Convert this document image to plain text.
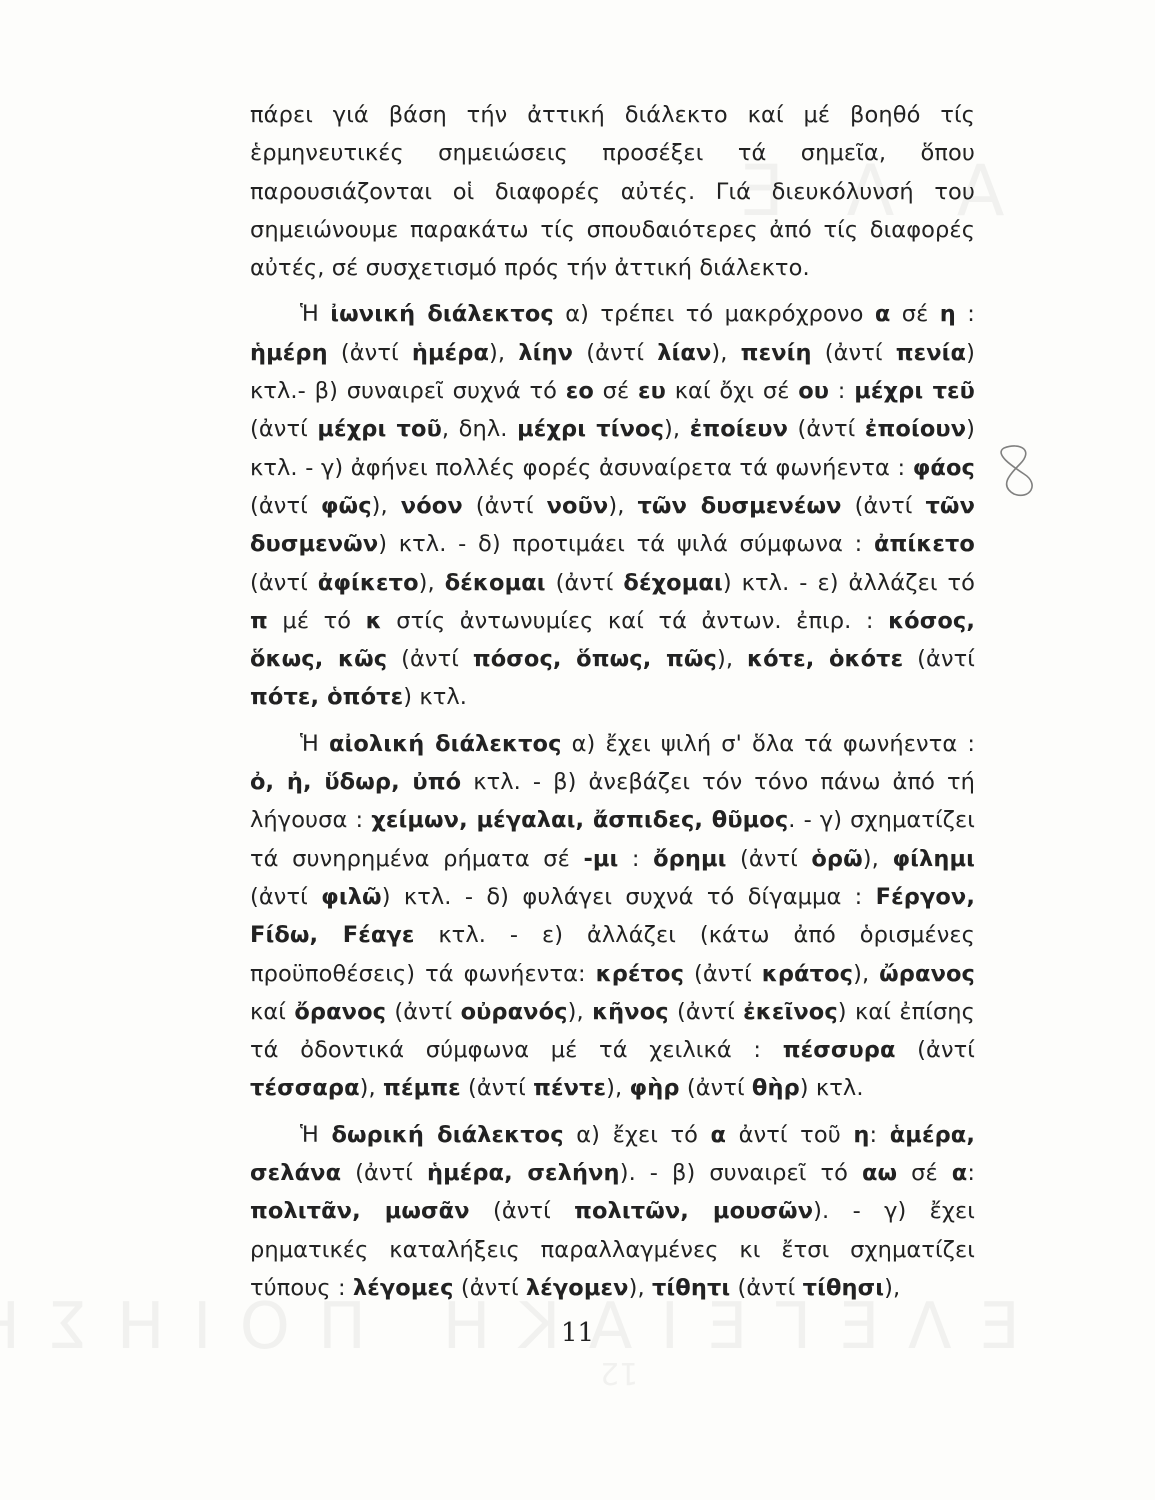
πάρει γιά βάση τήν ἀττική διάλεκτο καί μέ βοηθό τίς ἑρμηνευτικές σημειώσεις προσέξει τά σημεῖα, ὅπου παρουσιάζονται οἱ διαφορές αὐτές. Γιά διευκόλυνσή του σημειώνουμε παρακάτω τίς σπουδαιότερες ἀπό τίς διαφορές αὐτές, σέ συσχετισμό πρός τήν ἀττική διάλεκτο.

Ἡ ἰωνική διάλεκτος α) τρέπει τό μακρόχρονο α σέ η : ἡμέρη (ἀντί ἡμέρα), λίην (ἀντί λίαν), πενίη (ἀντί πενία) κτλ.- β) συναιρεῖ συχνά τό εο σέ ευ καί ὄχι σέ ου : μέχρι τεῦ (ἀντί μέχρι τοῦ, δηλ. μέχρι τίνος), ἐποίευν (ἀντί ἐποίουν) κτλ. - γ) ἀφήνει πολλές φορές ἀσυναίρετα τά φωνήεντα : φάος (ἀντί φῶς), νόον (ἀντί νοῦν), τῶν δυσμενέων (ἀντί τῶν δυσμενῶν) κτλ. - δ) προτιμάει τά ψιλά σύμφωνα : ἀπίκετο (ἀντί ἀφίκετο), δέκομαι (ἀντί δέχομαι) κτλ. - ε) ἀλλάζει τό π μέ τό κ στίς ἀντωνυμίες καί τά ἀντων. ἐπιρ. : κόσος, ὅκως, κῶς (ἀντί πόσος, ὅπως, πῶς), κότε, ὁκότε (ἀντί πότε, ὁπότε) κτλ.

Ἡ αἰολική διάλεκτος α) ἔχει ψιλή σ' ὅλα τά φωνήεντα : ὀ, ἠ, ὕδωρ, ὐπό κτλ. - β) ἀνεβάζει τόν τόνο πάνω ἀπό τή λήγουσα : χείμων, μέγαλαι, ἄσπιδες, θῦμος. - γ) σχηματίζει τά συνηρημένα ρήματα σέ -μι : ὄρημι (ἀντί ὁρῶ), φίλημι (ἀντί φιλῶ) κτλ. - δ) φυλάγει συχνά τό δίγαμμα : Fέργον, Fίδω, Fέαγε κτλ. - ε) ἀλλάζει (κάτω ἀπό ὁρισμένες προϋποθέσεις) τά φωνήεντα: κρέτος (ἀντί κράτος), ὤρανος καί ὄρανος (ἀντί οὐρανός), κῆνος (ἀντί ἐκεῖνος) καί ἐπίσης τά ὀδοντικά σύμφωνα μέ τά χειλικά : πέσσυρα (ἀντί τέσσαρα), πέμπε (ἀντί πέντε), φὴρ (ἀντί θὴρ) κτλ.

Ἡ δωρική διάλεκτος α) ἔχει τό α ἀντί τοῦ η: ἁμέρα, σελάνα (ἀντί ἡμέρα, σελήνη). - β) συναιρεῖ τό αω σέ α: πολιτᾶν, μωσᾶν (ἀντί πολιτῶν, μουσῶν). - γ) ἔχει ρηματικές καταλήξεις παραλλαγμένες κι ἔτσι σχηματίζει τύπους : λέγομες (ἀντί λέγομεν), τίθητι (ἀντί τίθησι),

11
